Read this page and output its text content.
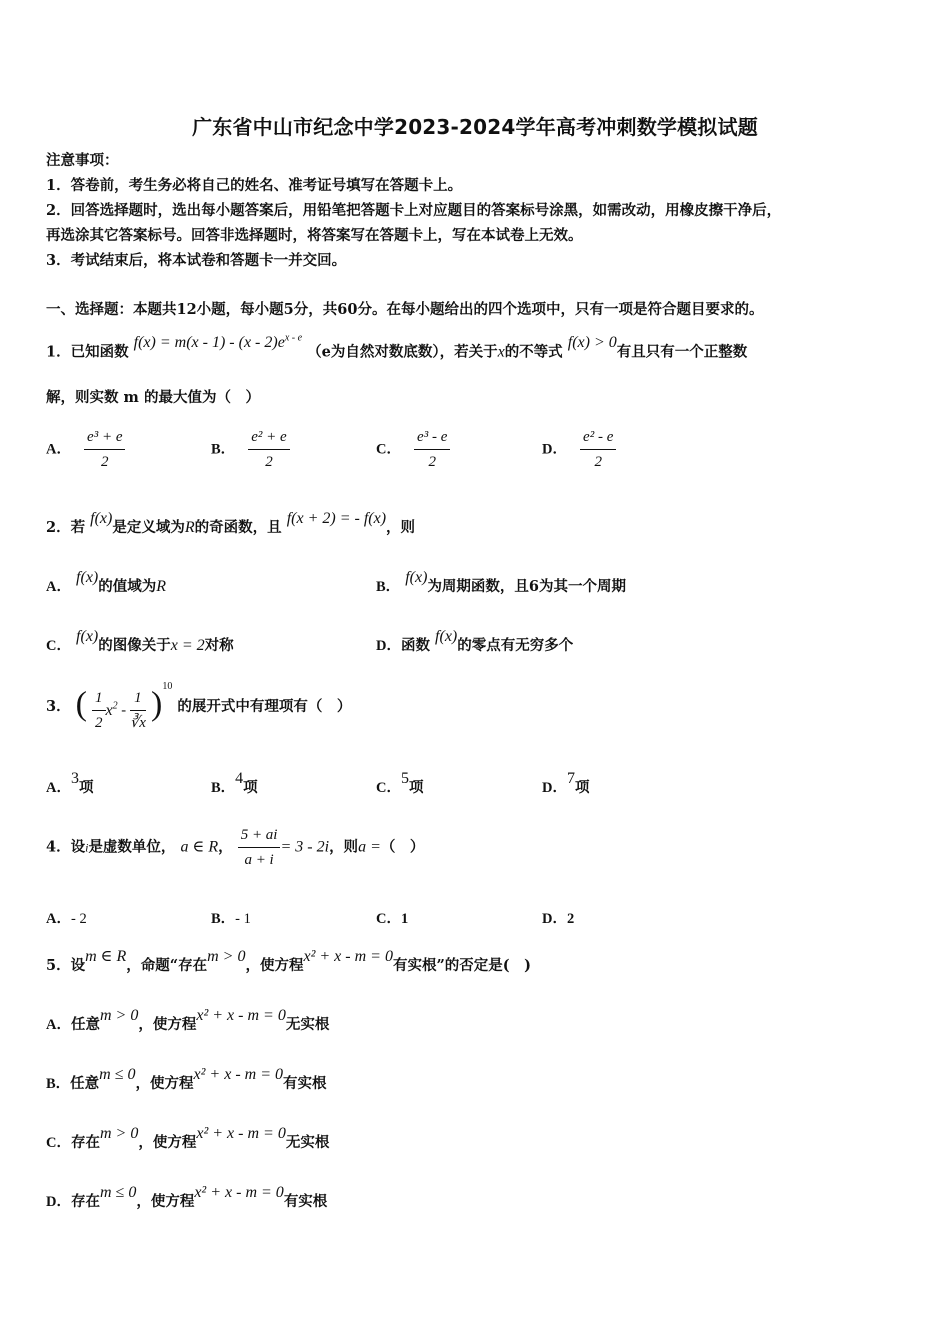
广东省中山市纪念中学2023-2024学年高考冲刺数学模拟试题
注意事项：
1．答卷前，考生务必将自己的姓名、准考证号填写在答题卡上。
2．回答选择题时，选出每小题答案后，用铅笔把答题卡上对应题目的答案标号涂黑，如需改动，用橡皮擦干净后，
再选涂其它答案标号。回答非选择题时，将答案写在答题卡上，写在本试卷上无效。
3．考试结束后，将本试卷和答题卡一并交回。
一、选择题：本题共12小题，每小题5分，共60分。在每小题给出的四个选项中，只有一项是符合题目要求的。
1．已知函数 $f(x) = m(x - 1) - (x - 2)e^{x - e}$ （e为自然对数底数），若关于x的不等式 f(x) > 0有且只有一个正整数
解，则实数 m 的最大值为（　）
A． $\frac{\text{e³ + e}}{2}$	B． $\frac{\text{e² + e}}{2}$	C． $\frac{\text{e³ - e}}{2}$	D． $\frac{\text{e² - e}}{2}$
2．若 f(x)是定义域为R的奇函数，且 f(x + 2) = - f(x)，则
A． f(x)的值域为R	B． f(x)为周期函数，且6为其一个周期
C． f(x)的图像关于x = 2对称	D．函数 f(x)的零点有无穷多个
3． ( $\frac{1}{2} x^2 - \frac{1}{∛x} )^{10}$ 的展开式中有理项有（　）
A．3项	B．4项	C．5项	D．7项
4．设i是虚数单位， a ∈ R， $\frac{5 + ai}{a + i} = 3 - 2i$，则a =（　）
A．- 2	B．- 1	C．1	D．2
5．设m ∈ R，命题“存在m > 0，使方程x² + x - m = 0有实根”的否定是(　)
A．任意m > 0，使方程x² + x - m = 0无实根
B．任意m ≤ 0，使方程x² + x - m = 0有实根
C．存在m > 0，使方程x² + x - m = 0无实根
D．存在m ≤ 0，使方程x² + x - m = 0有实根
